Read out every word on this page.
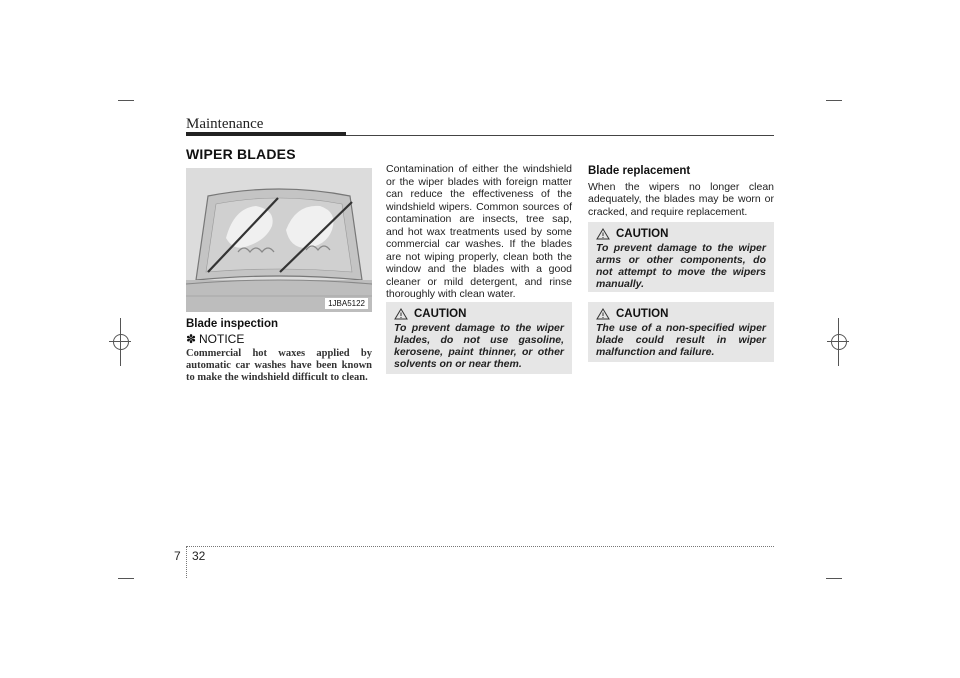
Maintenance
WIPER BLADES
1JBA5122
Blade inspection
✽ NOTICE
Commercial hot waxes applied by automatic car washes have been known to make the windshield difficult to clean.
Contamination of either the windshield or the wiper blades with foreign matter can reduce the effectiveness of the windshield wipers. Common sources of contamination are insects, tree sap, and hot wax treatments used by some commercial car washes. If the blades are not wiping properly, clean both the window and the blades with a good cleaner or mild detergent, and rinse thoroughly with clean water.
CAUTION
To prevent damage to the wiper blades, do not use gasoline, kerosene, paint thinner, or other solvents on or near them.
Blade replacement
When the wipers no longer clean adequately, the blades may be worn or cracked, and require replacement.
CAUTION
To prevent damage to the wiper arms or other components, do not attempt to move the wipers manually.
CAUTION
The use of a non-specified wiper blade could result in wiper malfunction and failure.
7 32
